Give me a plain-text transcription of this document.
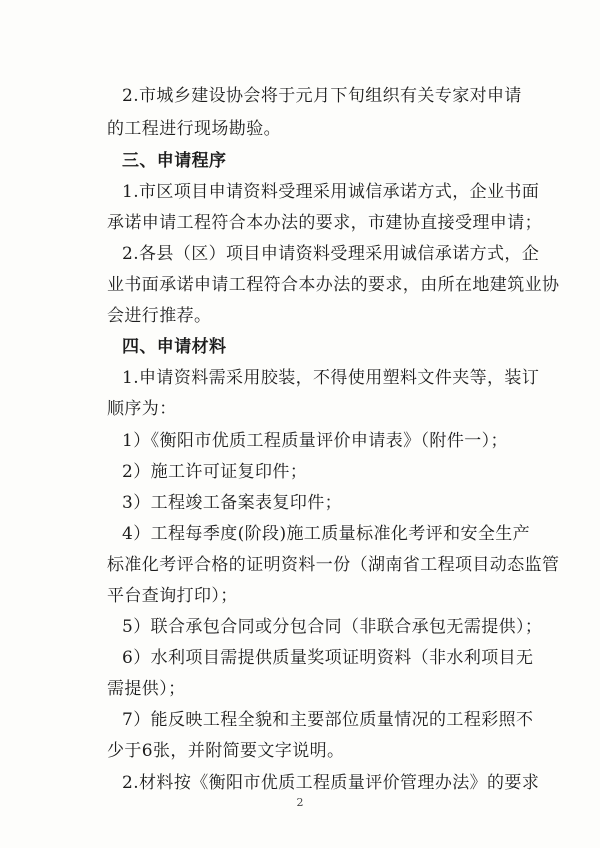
2.市城乡建设协会将于元月下旬组织有关专家对申请
的工程进行现场勘验。
三、申请程序
1.市区项目申请资料受理采用诚信承诺方式，企业书面
承诺申请工程符合本办法的要求，市建协直接受理申请；
2.各县（区）项目申请资料受理采用诚信承诺方式，企
业书面承诺申请工程符合本办法的要求，由所在地建筑业协
会进行推荐。
四、申请材料
1.申请资料需采用胶装，不得使用塑料文件夹等，装订
顺序为：
1）《衡阳市优质工程质量评价申请表》（附件一）；
2）施工许可证复印件；
3）工程竣工备案表复印件；
4）工程每季度(阶段)施工质量标准化考评和安全生产
标准化考评合格的证明资料一份（湖南省工程项目动态监管
平台查询打印）；
5）联合承包合同或分包合同（非联合承包无需提供）；
6）水利项目需提供质量奖项证明资料（非水利项目无
需提供）；
7）能反映工程全貌和主要部位质量情况的工程彩照不
少于6张，并附简要文字说明。
2.材料按《衡阳市优质工程质量评价管理办法》的要求
2
